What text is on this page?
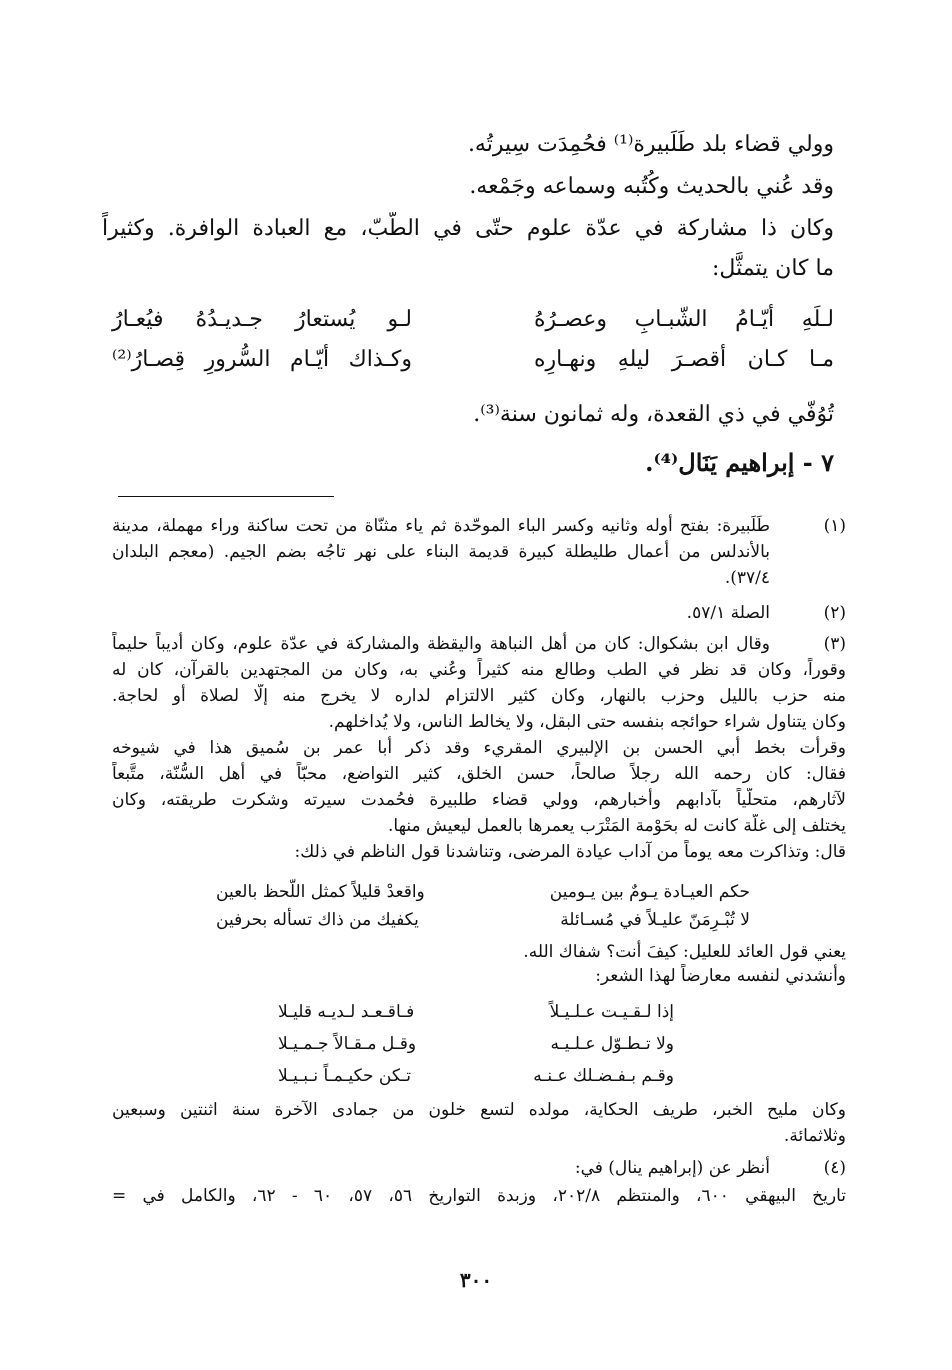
وولي قضاء بلد طَلَبيرة⁽¹⁾ فحُمِدَت سِيرتُه.
وقد عُني بالحديث وكُتُبه وسماعه وجَمْعه.
وكان ذا مشاركة في عدّة علوم حتّى في الطّبّ، مع العبادة الوافرة. وكثيراً
ما كان يتمثَّل:
لـلَهِ أيّـامُ الشّبـابِ وعصـرُهُ
لـو يُستعارُ جـديـدُهُ فيُعـارُ
مـا كـان أقصـرَ ليلهِ ونهـارِه
وكـذاك أيّـام السُّرورِ قِصـارُ⁽²⁾
تُوُفّي في ذي القعدة، وله ثمانون سنة⁽³⁾.
٧ - إبراهيم يَنَال⁽⁴⁾.
(١)
طَلَبيرة: بفتح أوله وثانيه وكسر الباء الموحّدة ثم ياء مثنّاة من تحت ساكنة وراء مهملة، مدينة
بالأندلس من أعمال طليطلة كبيرة قديمة البناء على نهر تاجُه بضم الجيم. (معجم البلدان
٣٧/٤).
(٢)
الصلة ٥٧/١.
(٣)
وقال ابن بشكوال: كان من أهل النباهة واليقظة والمشاركة في عدّة علوم، وكان أديباً حليماً
وقوراً، وكان قد نظر في الطب وطالع منه كثيراً وعُني به، وكان من المجتهدين بالقرآن، كان له
منه حزب بالليل وحزب بالنهار، وكان كثير الالتزام لداره لا يخرج منه إلّا لصلاة أو لحاجة.
وكان يتناول شراء حوائجه بنفسه حتى البقل، ولا يخالط الناس، ولا يُداخلهم.
وقرأت بخط أبي الحسن بن الإلبيري المقريء وقد ذكر أبا عمر بن سُميق هذا في شيوخه
فقال: كان رحمه الله رجلاً صالحاً، حسن الخلق، كثير التواضع، محبّاً في أهل السُّنّة، متَّبعاً
لآثارهم، متحلّياً بآدابهم وأخبارهم، وولي قضاء طلبيرة فحُمدت سيرته وشكرت طريقته، وكان
يختلف إلى غلّة كانت له بحَوْمة المَتْرَب يعمرها بالعمل ليعيش منها.
قال: وتذاكرت معه يوماً من آداب عيادة المرضى، وتناشدنا قول الناظم في ذلك:
حكم العيـادة يـومٌ بين يـومين
واقعدْ قليلاً كمثل اللّحظ بالعين
لا تُبْـرِمَنّ عليـلاً في مُسـائلة
يكفيك من ذاك تسأله بحرفين
يعني قول العائد للعليل: كيفَ أنت؟ شفاك الله.
وأنشدني لنفسه معارضاً لهذا الشعر:
إذا لـقـيـت عـلـيـلاً
فـاقـعـد لـديـه قليـلا
ولا تـطـوّل عـلـيـه
وقـل مـقـالاً جـمـيـلا
وقـم بـفـضـلك عـنـه
تـكن حكيـمـاً نـبـيـلا
وكان مليح الخبر، طريف الحكاية، مولده لتسع خلون من جمادى الآخرة سنة اثنتين وسبعين
وثلاثمائة.
(٤)
أنظر عن (إبراهيم ينال) في:
تاريخ البيهقي ٦٠٠، والمنتظم ٢٠٢/٨، وزبدة التواريخ ٥٦، ٥٧، ٦٠ - ٦٢، والكامل في =
٣٠٠
